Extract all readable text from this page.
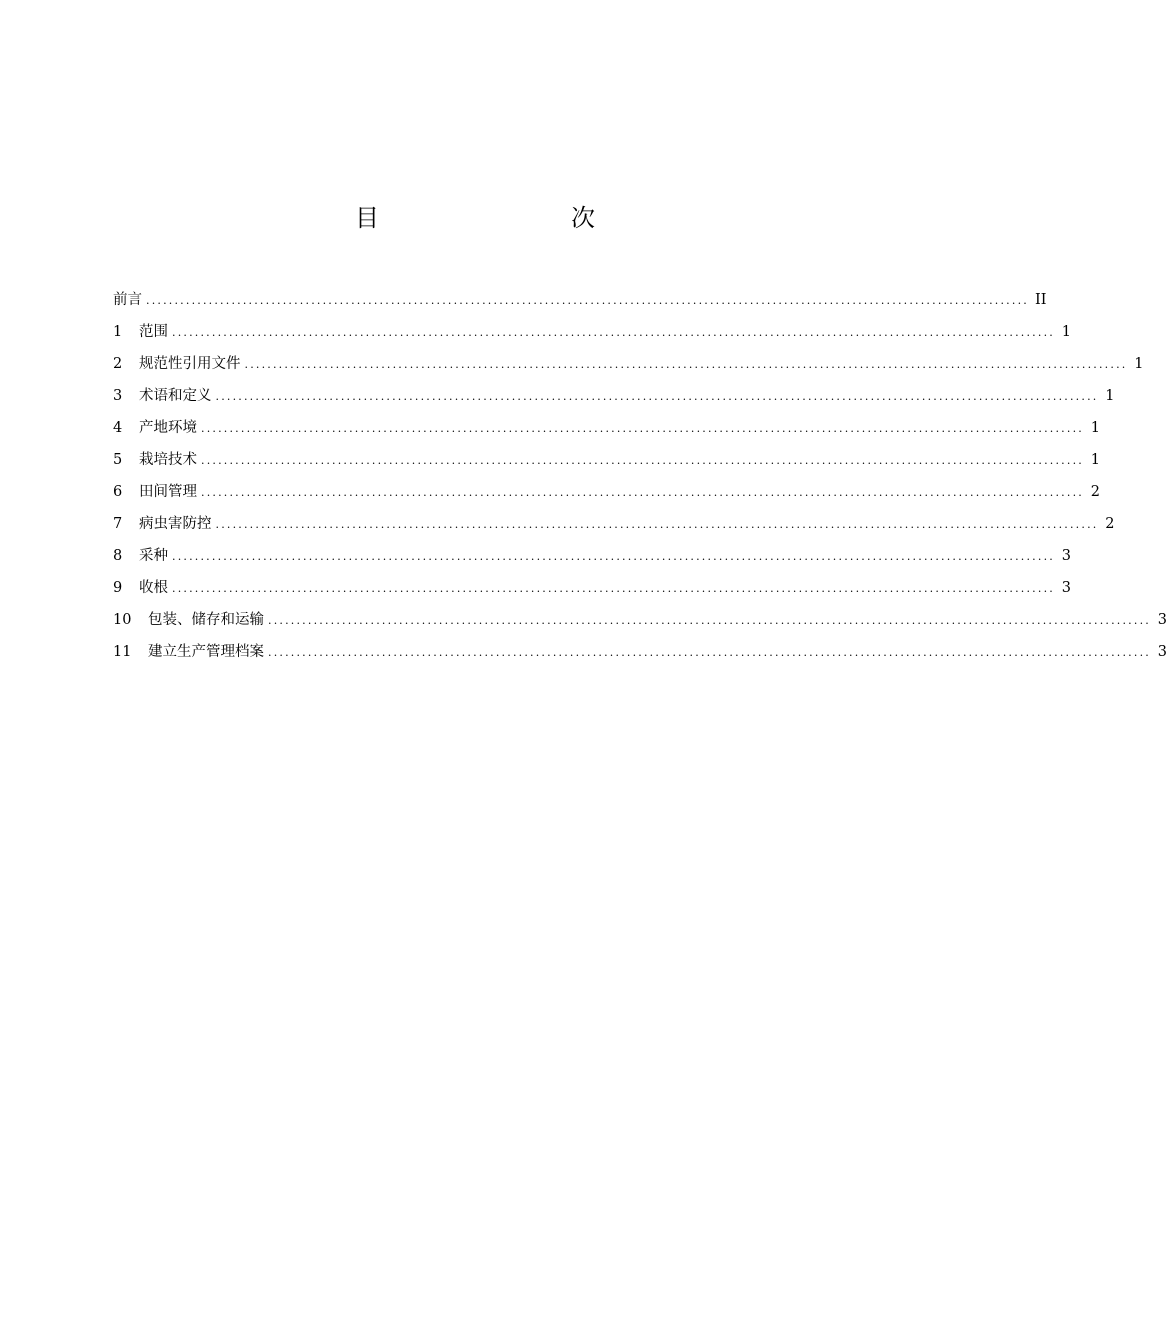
目　　次
前言 ........................................................................................................................................................... II
1	范围 ........................................................................................................................................................... 1
2	规范性引用文件 ........................................................................................................................................................... 1
3	术语和定义 ........................................................................................................................................................... 1
4	产地环境 ........................................................................................................................................................... 1
5	栽培技术 ........................................................................................................................................................... 1
6	田间管理 ........................................................................................................................................................... 2
7	病虫害防控 ........................................................................................................................................................... 2
8	采种 ........................................................................................................................................................... 3
9	收根 ........................................................................................................................................................... 3
10	包装、储存和运输 ........................................................................................................................................................... 3
11	建立生产管理档案 ........................................................................................................................................................... 3
